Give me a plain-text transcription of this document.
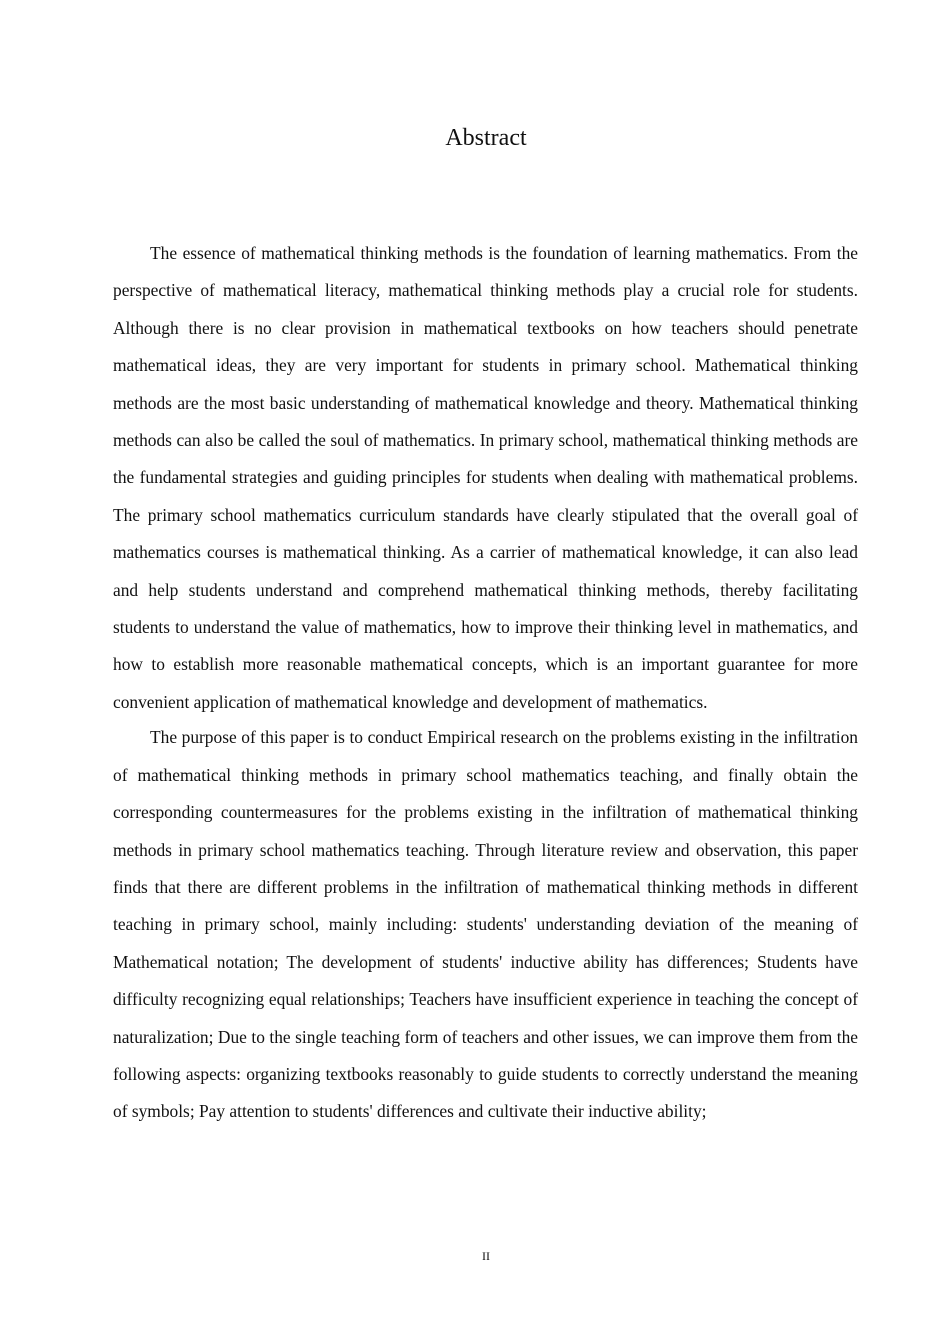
Abstract

The essence of mathematical thinking methods is the foundation of learning mathematics. From the perspective of mathematical literacy, mathematical thinking methods play a crucial role for students. Although there is no clear provision in mathematical textbooks on how teachers should penetrate mathematical ideas, they are very important for students in primary school. Mathematical thinking methods are the most basic understanding of mathematical knowledge and theory. Mathematical thinking methods can also be called the soul of mathematics. In primary school, mathematical thinking methods are the fundamental strategies and guiding principles for students when dealing with mathematical problems. The primary school mathematics curriculum standards have clearly stipulated that the overall goal of mathematics courses is mathematical thinking. As a carrier of mathematical knowledge, it can also lead and help students understand and comprehend mathematical thinking methods, thereby facilitating students to understand the value of mathematics, how to improve their thinking level in mathematics, and how to establish more reasonable mathematical concepts, which is an important guarantee for more convenient application of mathematical knowledge and development of mathematics.

The purpose of this paper is to conduct Empirical research on the problems existing in the infiltration of mathematical thinking methods in primary school mathematics teaching, and finally obtain the corresponding countermeasures for the problems existing in the infiltration of mathematical thinking methods in primary school mathematics teaching. Through literature review and observation, this paper finds that there are different problems in the infiltration of mathematical thinking methods in different teaching in primary school, mainly including: students' understanding deviation of the meaning of Mathematical notation; The development of students' inductive ability has differences; Students have difficulty recognizing equal relationships; Teachers have insufficient experience in teaching the concept of naturalization; Due to the single teaching form of teachers and other issues, we can improve them from the following aspects: organizing textbooks reasonably to guide students to correctly understand the meaning of symbols; Pay attention to students' differences and cultivate their inductive ability;

II
